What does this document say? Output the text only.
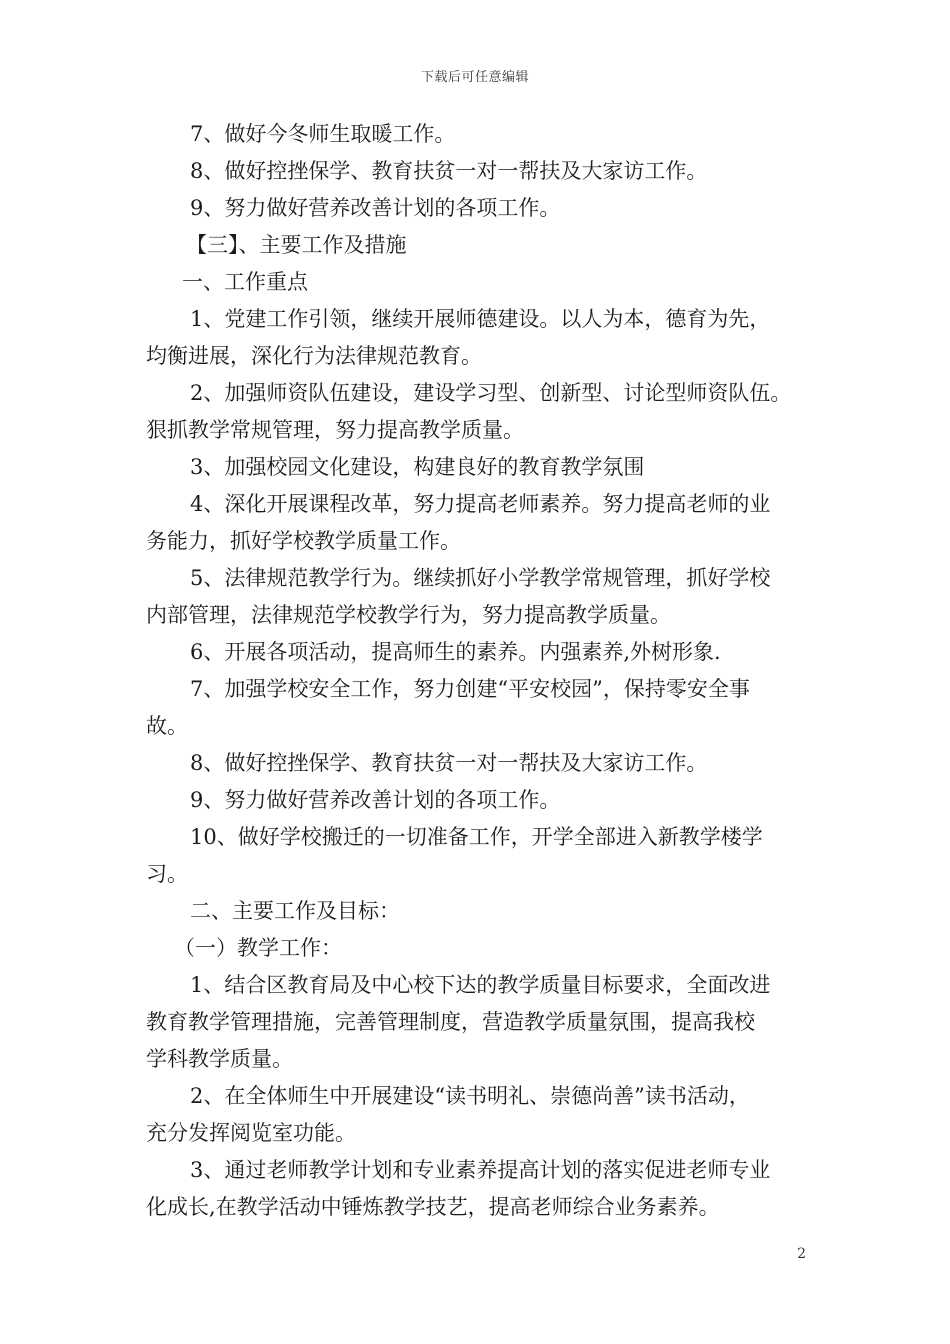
下载后可任意编辑
7、做好今冬师生取暖工作。
8、做好控挫保学、教育扶贫一对一帮扶及大家访工作。
9、努力做好营养改善计划的各项工作。
【三】、主要工作及措施
一、工作重点
1、党建工作引领，继续开展师德建设。以人为本，德育为先，
均衡进展，深化行为法律规范教育。
2、加强师资队伍建设，建设学习型、创新型、讨论型师资队伍。
狠抓教学常规管理，努力提高教学质量。
3、加强校园文化建设，构建良好的教育教学氛围
4、深化开展课程改革，努力提高老师素养。努力提高老师的业
务能力，抓好学校教学质量工作。
5、法律规范教学行为。继续抓好小学教学常规管理，抓好学校
内部管理，法律规范学校教学行为，努力提高教学质量。
6、开展各项活动，提高师生的素养。内强素养,外树形象.
7、加强学校安全工作，努力创建“平安校园”，保持零安全事
故。
8、做好控挫保学、教育扶贫一对一帮扶及大家访工作。
9、努力做好营养改善计划的各项工作。
10、做好学校搬迁的一切准备工作，开学全部进入新教学楼学
习。
二、主要工作及目标：
（一）教学工作：
1、结合区教育局及中心校下达的教学质量目标要求，全面改进
教育教学管理措施，完善管理制度，营造教学质量氛围，提高我校
学科教学质量。
2、在全体师生中开展建设“读书明礼、崇德尚善”读书活动，
充分发挥阅览室功能。
3、通过老师教学计划和专业素养提高计划的落实促进老师专业
化成长,在教学活动中锤炼教学技艺，提高老师综合业务素养。
2
